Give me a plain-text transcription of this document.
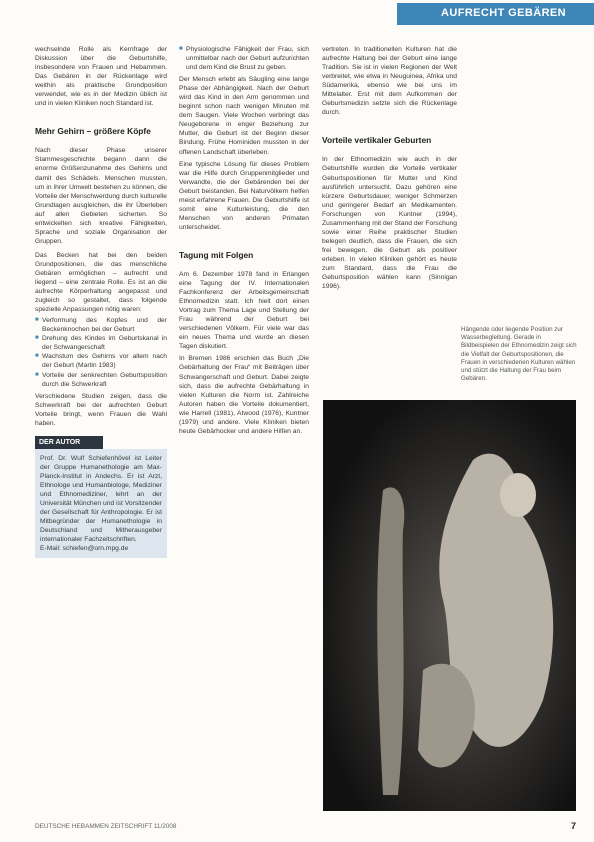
AUFRECHT GEBÄREN

wechselnde Rolle als Kernfrage der Diskussion über die Geburtshilfe, insbesondere von Frauen und Hebammen. Das Gebären in der Rückenlage wird weithin als praktische Grundposition verwendet, wie es in der Medizin üblich ist und in vielen Kliniken noch Standard ist.

Mehr Gehirn – größere Köpfe

Nach dieser Phase unserer Stammesgeschichte begann dann die enorme Größenzunahme des Gehirns und damit des Schädels. Menschen mussten, um in ihrer Umwelt bestehen zu können, die Vorteile der Menschwerdung durch kulturelle Grundlagen ausgleichen, die ihr Überleben auf allen Gebieten sicherten. So entwickelten sich kreative Fähigkeiten, Sprache und soziale Organisation der Gruppen.

Das Becken hat bei den beiden Grundpositionen, die das menschliche Gebären ermöglichen – aufrecht und liegend – eine zentrale Rolle. Es ist an die aufrechte Körperhaltung angepasst und zugleich so gestaltet, dass folgende spezielle Anpassungen nötig waren:

■ Verformung des Kopfes und der Beckenknochen bei der Geburt
■ Drehung des Kindes im Geburtskanal in der Schwangerschaft
■ Wachstum des Gehirns vor allem nach der Geburt (Martin 1983)
■ Vorteile der senkrechten Geburtsposition durch die Schwerkraft

Verschiedene Studien zeigen, dass die Schwerkraft bei der aufrechten Geburt Vorteile bringt, wenn Frauen die Wahl haben.

DER AUTOR

Prof. Dr. Wulf Schiefenhövel ist Leiter der Gruppe Humanethologie am Max-Planck-Institut in Andechs. Er ist Arzt, Ethnologe und Humanbiologe, Mediziner und Ethnomediziner, lehrt an der Universität München und ist Vorsitzender der Gesellschaft für Anthropologie. Er ist Mitbegründer der Humanethologie in Deutschland und Mitherausgeber internationaler Fachzeitschriften.

E-Mail: schiefen@orn.mpg.de

■ Physiologische Fähigkeit der Frau, sich unmittelbar nach der Geburt aufzurichten und dem Kind die Brust zu geben.

Der Mensch erlebt als Säugling eine lange Phase der Abhängigkeit. Nach der Geburt wird das Kind in den Arm genommen und beginnt schon nach wenigen Minuten mit dem Saugen. Viele Wochen verbringt das Neugeborene in enger Beziehung zur Mutter, die Geburt ist der Beginn dieser Bindung. Frühe Hominiden mussten in der offenen Landschaft überleben.

Eine typische Lösung für dieses Problem war die Hilfe durch Gruppenmitglieder und Verwandte, die der Gebärenden bei der Geburt beistanden. Bei Naturvölkern helfen meist erfahrene Frauen. Die Geburtshilfe ist somit eine Kulturleistung, die den Menschen von anderen Primaten unterscheidet.

Tagung mit Folgen

Am 6. Dezember 1978 fand in Erlangen eine Tagung der IV. Internationalen Fachkonferenz der Arbeitsgemeinschaft Ethnomedizin statt. Ich hielt dort einen Vortrag zum Thema Lage und Stellung der Frau während der Geburt bei verschiedenen Völkern. Für viele war das ein neues Thema und wurde an diesen Tagen diskutiert.

In Bremen 1986 erschien das Buch „Die Gebärhaltung der Frau“ mit Beiträgen über Schwangerschaft und Geburt. Dabei zeigte sich, dass die aufrechte Gebärhaltung in vielen Kulturen die Norm ist. Zahlreiche Autoren haben die Vorteile dokumentiert, wie Harrell (1981), Atwood (1976), Kuntner (1979) und andere. Viele Kliniken bieten heute Gebärhocker und andere Hilfen an.

vertreten. In traditionellen Kulturen hat die aufrechte Haltung bei der Geburt eine lange Tradition. Sie ist in vielen Regionen der Welt verbreitet, wie etwa in Neuguinea, Afrika und Südamerika, ebenso wie bei uns im Mittelalter. Erst mit dem Aufkommen der Geburtsmedizin setzte sich die Rückenlage durch.

Vorteile vertikaler Geburten

In der Ethnomedizin wie auch in der Geburtshilfe wurden die Vorteile vertikaler Geburtspositionen für Mutter und Kind ausführlich untersucht. Dazu gehören eine kürzere Geburtsdauer, weniger Schmerzen und geringerer Bedarf an Medikamenten. Forschungen von Kuntner (1994), Zusammenhang mit der Stand der Forschung sowie einer Reihe praktischer Studien belegen deutlich, dass die Frauen, die sich frei bewegen, die Geburt als positiver erleben. In vielen Kliniken gehört es heute zum Standard, dass die Frau die Geburtsposition wählen kann (Sinnigan 1996).

Hängende oder liegende Position zur Wasserbegleitung. Gerade in Bildbeispielen der Ethnomedizin zeigt sich die Vielfalt der Geburtspositionen, die Frauen in verschiedenen Kulturen wählen und stützt die Haltung der Frau beim Gebären.
DEUTSCHE HEBAMMEN ZEITSCHRIFT 11/2008	7
